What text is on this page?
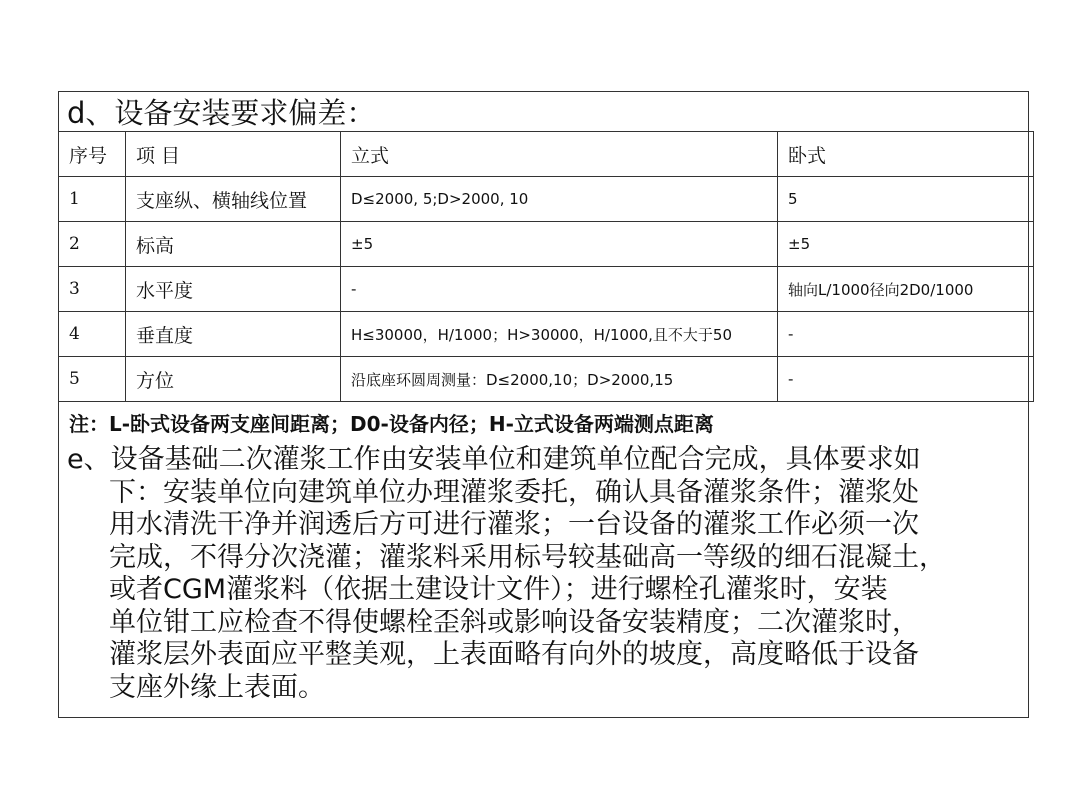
d、设备安装要求偏差：
序号	项 目	立式	卧式
1	支座纵、横轴线位置	D≤2000, 5;D>2000, 10	5
2	标高	±5	±5
3	水平度	-	轴向L/1000径向2D0/1000
4	垂直度	H≤30000，H/1000；H>30000，H/1000,且不大于50	-
5	方位	沿底座环圆周测量：D≤2000,10；D>2000,15	-
注：L-卧式设备两支座间距离；D0-设备内径；H-立式设备两端测点距离
e、设备基础二次灌浆工作由安装单位和建筑单位配合完成，具体要求如
下：安装单位向建筑单位办理灌浆委托，确认具备灌浆条件；灌浆处
用水清洗干净并润透后方可进行灌浆；一台设备的灌浆工作必须一次
完成，不得分次浇灌；灌浆料采用标号较基础高一等级的细石混凝土，
或者CGM灌浆料（依据土建设计文件）；进行螺栓孔灌浆时，安装
单位钳工应检查不得使螺栓歪斜或影响设备安装精度；二次灌浆时，
灌浆层外表面应平整美观，上表面略有向外的坡度，高度略低于设备
支座外缘上表面。
